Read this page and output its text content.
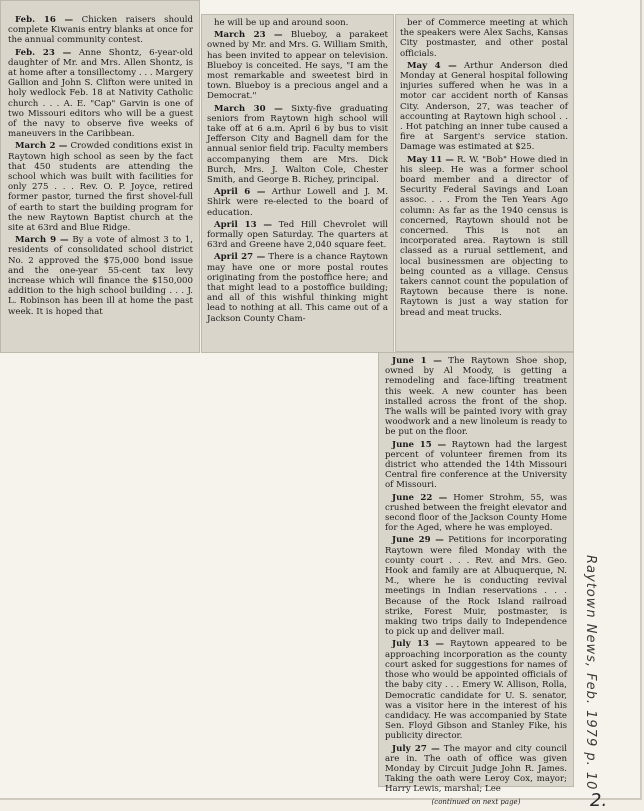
Feb. 16 — Chicken raisers should complete Kiwanis entry blanks at once for the annual community contest.

Feb. 23 — Anne Shontz, 6-year-old daughter of Mr. and Mrs. Allen Shontz, is at home after a tonsillectomy . . . Margery Gallion and John S. Clifton were united in holy wedlock Feb. 18 at Nativity Catholic church . . . A. E. "Cap" Garvin is one of two Missouri editors who will be a guest of the navy to observe five weeks of maneuvers in the Caribbean.

March 2 — Crowded conditions exist in Raytown high school as seen by the fact that 450 students are attending the school which was built with facilities for only 275 . . . Rev. O. P. Joyce, retired former pastor, turned the first shovel-full of earth to start the building program for the new Raytown Baptist church at the site at 63rd and Blue Ridge.

March 9 — By a vote of almost 3 to 1, residents of consolidated school district No. 2 approved the $75,000 bond issue and the one-year 55-cent tax levy increase which will finance the $150,000 addition to the high school building . . . J. L. Robinson has been ill at home the past week. It is hoped that

he will be up and around soon.

March 23 — Blueboy, a parakeet owned by Mr. and Mrs. G. William Smith, has been invited to appear on television. Blueboy is conceited. He says, "I am the most remarkable and sweetest bird in town. Blueboy is a precious angel and a Democrat."

March 30 — Sixty-five graduating seniors from Raytown high school will take off at 6 a.m. April 6 by bus to visit Jefferson City and Bagnell dam for the annual senior field trip. Faculty members accompanying them are Mrs. Dick Burch, Mrs. J. Walton Cole, Chester Smith, and George B. Richey, principal.

April 6 — Arthur Lowell and J. M. Shirk were re-elected to the board of education.

April 13 — Ted Hill Chevrolet will formally open Saturday. The quarters at 63rd and Greene have 2,040 square feet.

April 27 — There is a chance Raytown may have one or more postal routes originating from the postoffice here; and that might lead to a postoffice building; and all of this wishful thinking might lead to nothing at all. This came out of a Jackson County Cham-

ber of Commerce meeting at which the speakers were Alex Sachs, Kansas City postmaster, and other postal officials.

May 4 — Arthur Anderson died Monday at General hospital following injuries suffered when he was in a motor car accident north of Kansas City. Anderson, 27, was teacher of accounting at Raytown high school . . . Hot patching an inner tube caused a fire at Sargent's service station. Damage was estimated at $25.

May 11 — R. W. "Bob" Howe died in his sleep. He was a former school board member and a director of Security Federal Savings and Loan assoc. . . . From the Ten Years Ago column: As far as the 1940 census is concerned, Raytown should not be concerned. This is not an incorporated area. Raytown is still classed as a rurual settlement, and local businessmen are objecting to being counted as a village. Census takers cannot count the population of Raytown because there is none. Raytown is just a way station for bread and meat trucks.

June 1 — The Raytown Shoe shop, owned by Al Moody, is getting a remodeling and face-lifting treatment this week. A new counter has been installed across the front of the shop. The walls will be painted ivory with gray woodwork and a new linoleum is ready to be put on the floor.

June 15 — Raytown had the largest percent of volunteer firemen from its district who attended the 14th Missouri Central fire conference at the University of Missouri.

June 22 — Homer Strohm, 55, was crushed between the freight elevator and second floor of the Jackson County Home for the Aged, where he was employed.

June 29 — Petitions for incorporating Raytown were filed Monday with the county court . . . Rev. and Mrs. Geo. Hook and family are at Albuquerque, N. M., where he is conducting revival meetings in Indian reservations . . . Because of the Rock Island railroad strike, Forest Muir, postmaster, is making two trips daily to Independence to pick up and deliver mail.

July 13 — Raytown appeared to be approaching incorporation as the county court asked for suggestions for names of those who would be appointed officials of the baby city . . . Emery W. Allison, Rolla, Democratic candidate for U. S. senator, was a visitor here in the interest of his candidacy. He was accompanied by State Sen. Floyd Gibson and Stanley Fike, his publicity director.

July 27 — The mayor and city council are in. The oath of office was given Monday by Circuit Judge John R. James. Taking the oath were Leroy Cox, mayor; Harry Lewis, marshal; Lee

(continued on next page)

Raytown News, Feb. 1979 p. 10
2.
